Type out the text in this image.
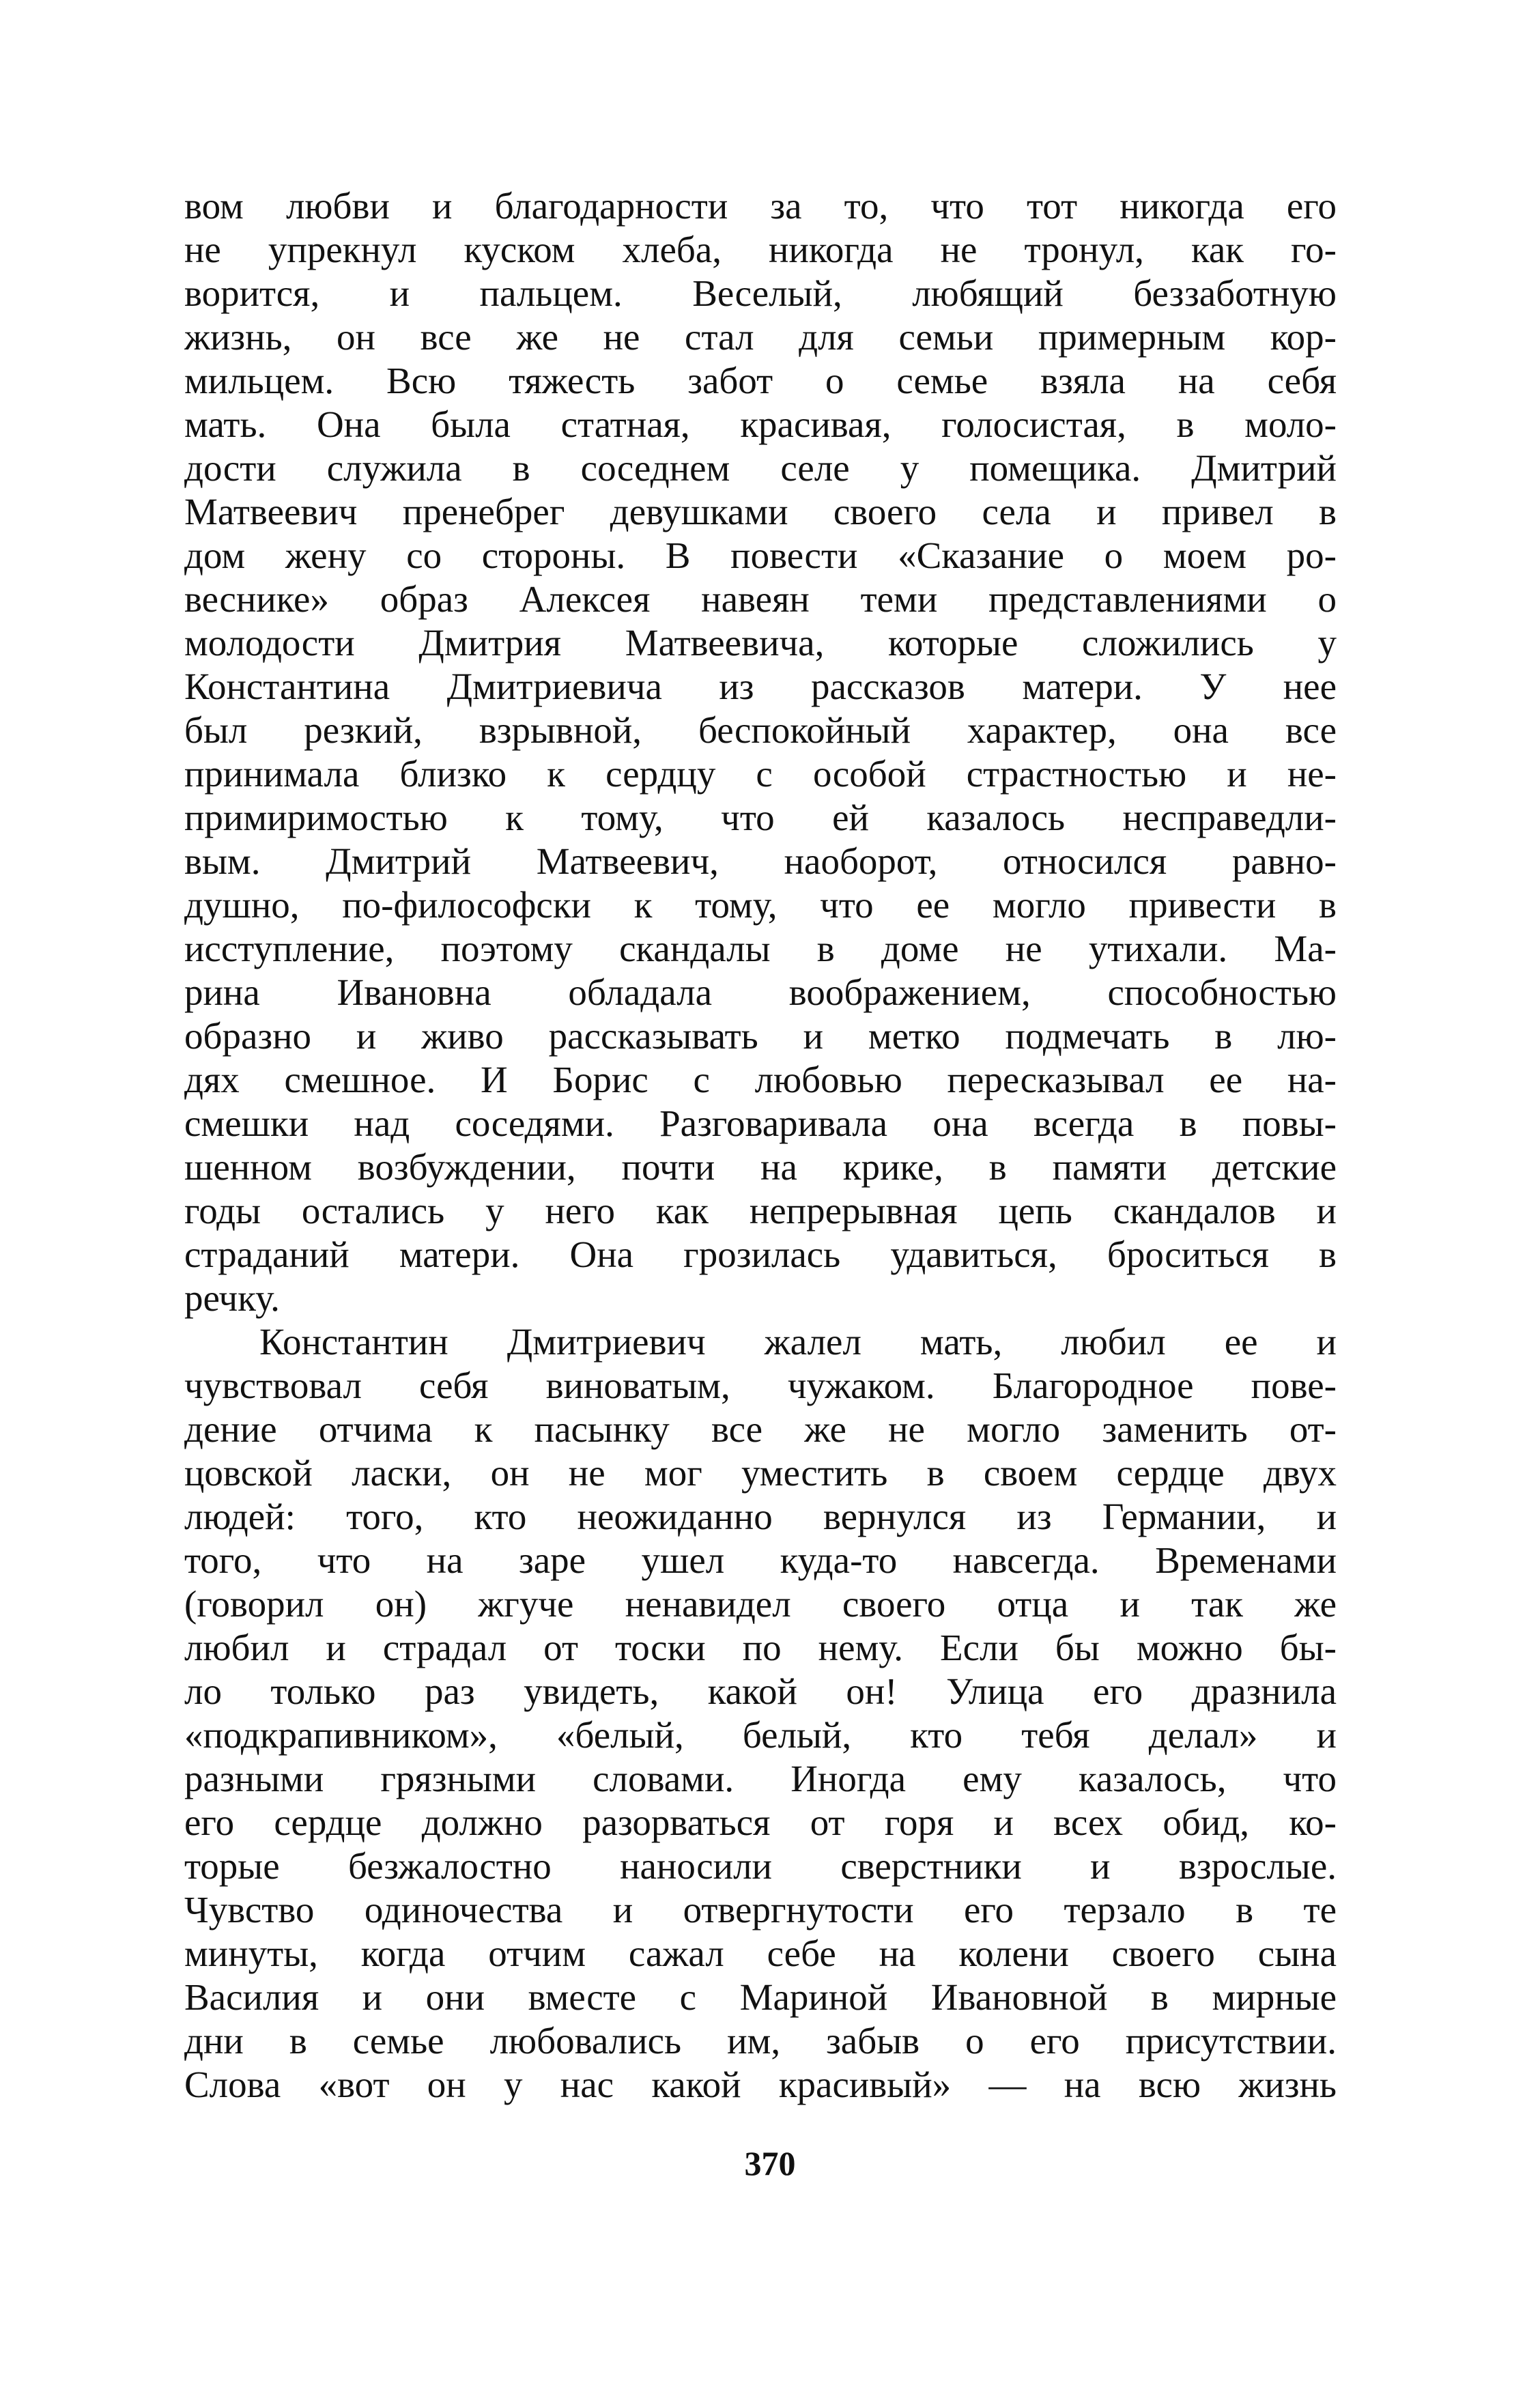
вом любви и благодарности за то, что тот никогда его
не упрекнул куском хлеба, никогда не тронул, как го-
ворится, и пальцем. Веселый, любящий беззаботную
жизнь, он все же не стал для семьи примерным кор-
мильцем. Всю тяжесть забот о семье взяла на себя
мать. Она была статная, красивая, голосистая, в моло-
дости служила в соседнем селе у помещика. Дмитрий
Матвеевич пренебрег девушками своего села и привел в
дом жену со стороны. В повести «Сказание о моем ро-
веснике» образ Алексея навеян теми представлениями о
молодости Дмитрия Матвеевича, которые сложились у
Константина Дмитриевича из рассказов матери. У нее
был резкий, взрывной, беспокойный характер, она все
принимала близко к сердцу с особой страстностью и не-
примиримостью к тому, что ей казалось несправедли-
вым. Дмитрий Матвеевич, наоборот, относился равно-
душно, по-философски к тому, что ее могло привести в
исступление, поэтому скандалы в доме не утихали. Ма-
рина Ивановна обладала воображением, способностью
образно и живо рассказывать и метко подмечать в лю-
дях смешное. И Борис с любовью пересказывал ее на-
смешки над соседями. Разговаривала она всегда в повы-
шенном возбуждении, почти на крике, в памяти детские
годы остались у него как непрерывная цепь скандалов и
страданий матери. Она грозилась удавиться, броситься в
речку.
Константин Дмитриевич жалел мать, любил ее и
чувствовал себя виноватым, чужаком. Благородное пове-
дение отчима к пасынку все же не могло заменить от-
цовской ласки, он не мог уместить в своем сердце двух
людей: того, кто неожиданно вернулся из Германии, и
того, что на заре ушел куда-то навсегда. Временами
(говорил он) жгуче ненавидел своего отца и так же
любил и страдал от тоски по нему. Если бы можно бы-
ло только раз увидеть, какой он! Улица его дразнила
«подкрапивником», «белый, белый, кто тебя делал» и
разными грязными словами. Иногда ему казалось, что
его сердце должно разорваться от горя и всех обид, ко-
торые безжалостно наносили сверстники и взрослые.
Чувство одиночества и отвергнутости его терзало в те
минуты, когда отчим сажал себе на колени своего сына
Василия и они вместе с Мариной Ивановной в мирные
дни в семье любовались им, забыв о его присутствии.
Слова «вот он у нас какой красивый» — на всю жизнь
370
